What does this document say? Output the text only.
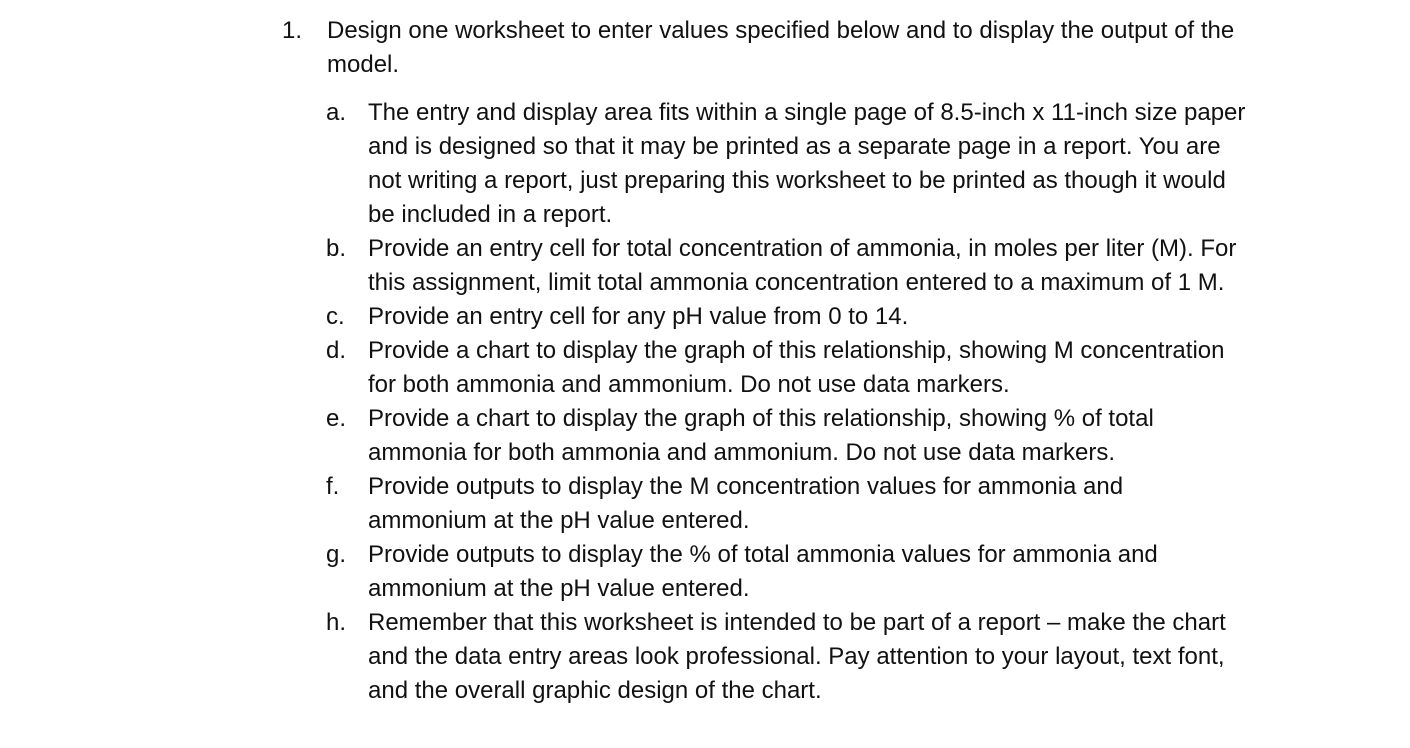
1.	Design one worksheet to enter values specified below and to display the output of the model.
a. The entry and display area fits within a single page of 8.5-inch x 11-inch size paper and is designed so that it may be printed as a separate page in a report. You are not writing a report, just preparing this worksheet to be printed as though it would be included in a report.
b. Provide an entry cell for total concentration of ammonia, in moles per liter (M). For this assignment, limit total ammonia concentration entered to a maximum of 1 M.
c. Provide an entry cell for any pH value from 0 to 14.
d. Provide a chart to display the graph of this relationship, showing M concentration for both ammonia and ammonium. Do not use data markers.
e. Provide a chart to display the graph of this relationship, showing % of total ammonia for both ammonia and ammonium. Do not use data markers.
f.	Provide outputs to display the M concentration values for ammonia and ammonium at the pH value entered.
g. Provide outputs to display the % of total ammonia values for ammonia and ammonium at the pH value entered.
h. Remember that this worksheet is intended to be part of a report – make the chart and the data entry areas look professional. Pay attention to your layout, text font, and the overall graphic design of the chart.
